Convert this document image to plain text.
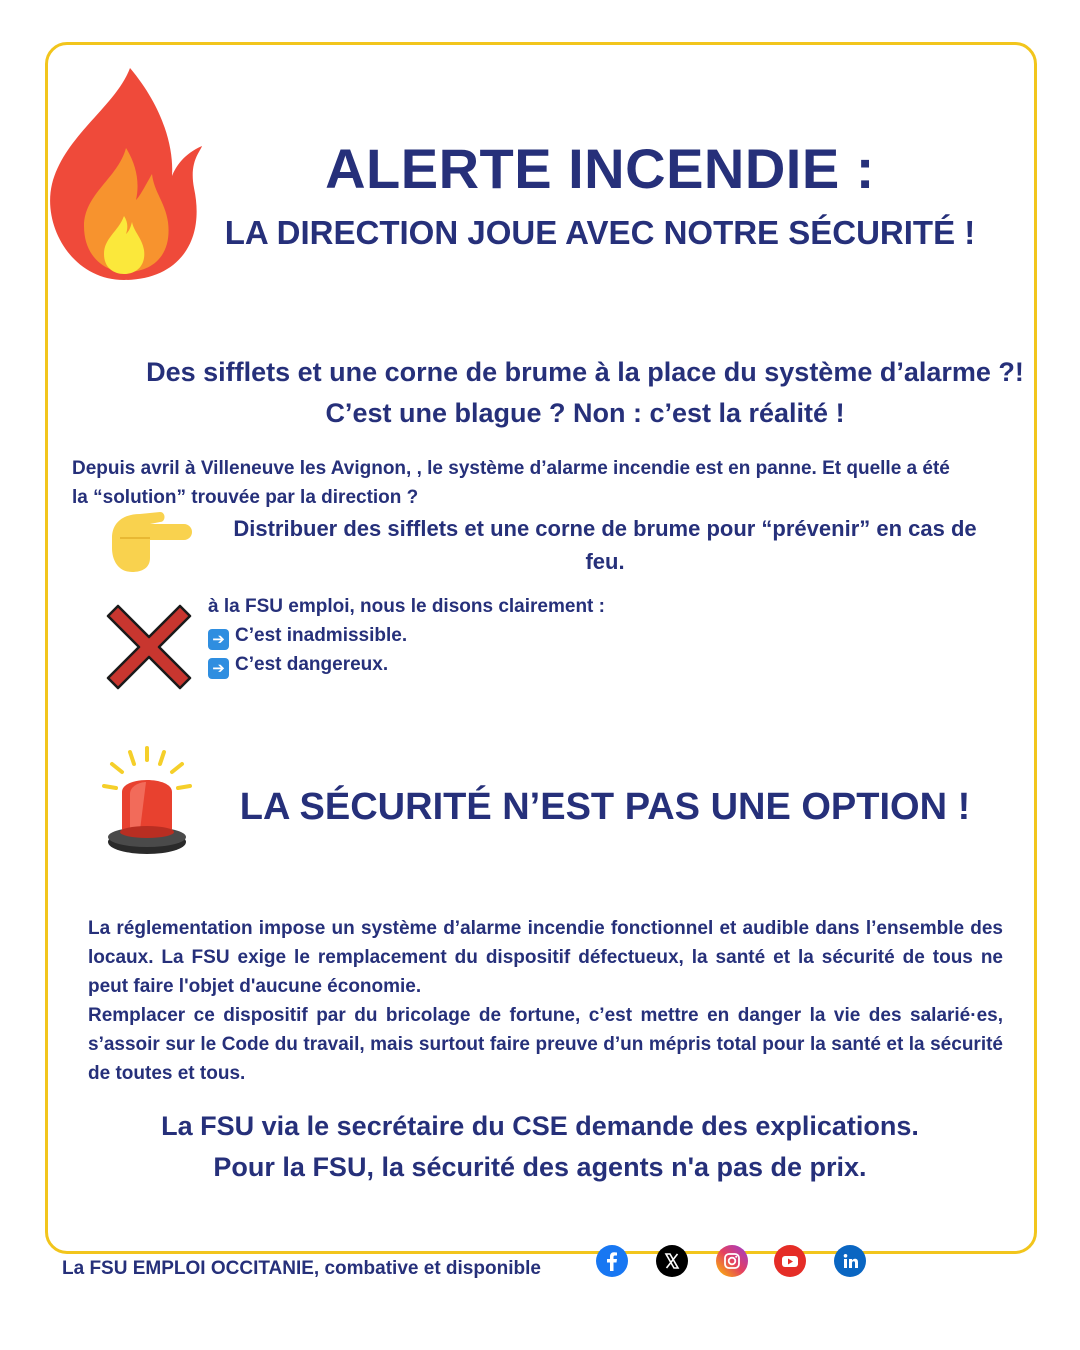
ALERTE INCENDIE :
LA DIRECTION JOUE AVEC NOTRE SÉCURITÉ !
Des sifflets et une corne de brume à la place du système d’alarme ?!
C’est une blague ? Non : c’est la réalité !
Depuis avril à Villeneuve les Avignon, , le système d’alarme incendie est en panne. Et quelle a été
la “solution” trouvée par la direction ?
Distribuer des sifflets et une corne de brume pour “prévenir” en cas de
feu.
à la FSU emploi, nous le disons clairement :
➔ C’est inadmissible.
➔ C’est dangereux.
LA SÉCURITÉ N’EST PAS UNE OPTION !

La réglementation impose un système d’alarme incendie fonctionnel et audible dans l’ensemble des locaux. La FSU exige le remplacement du dispositif défectueux, la santé et la sécurité de tous ne peut faire l'objet d'aucune économie.

Remplacer ce dispositif par du bricolage de fortune, c’est mettre en danger la vie des salarié·es, s’assoir sur le Code du travail, mais surtout faire preuve d’un mépris total pour la santé et la sécurité de toutes et tous.

La FSU via le secrétaire du CSE demande des explications.
Pour la FSU, la sécurité des agents n'a pas de prix.
La FSU EMPLOI OCCITANIE, combative et disponible
